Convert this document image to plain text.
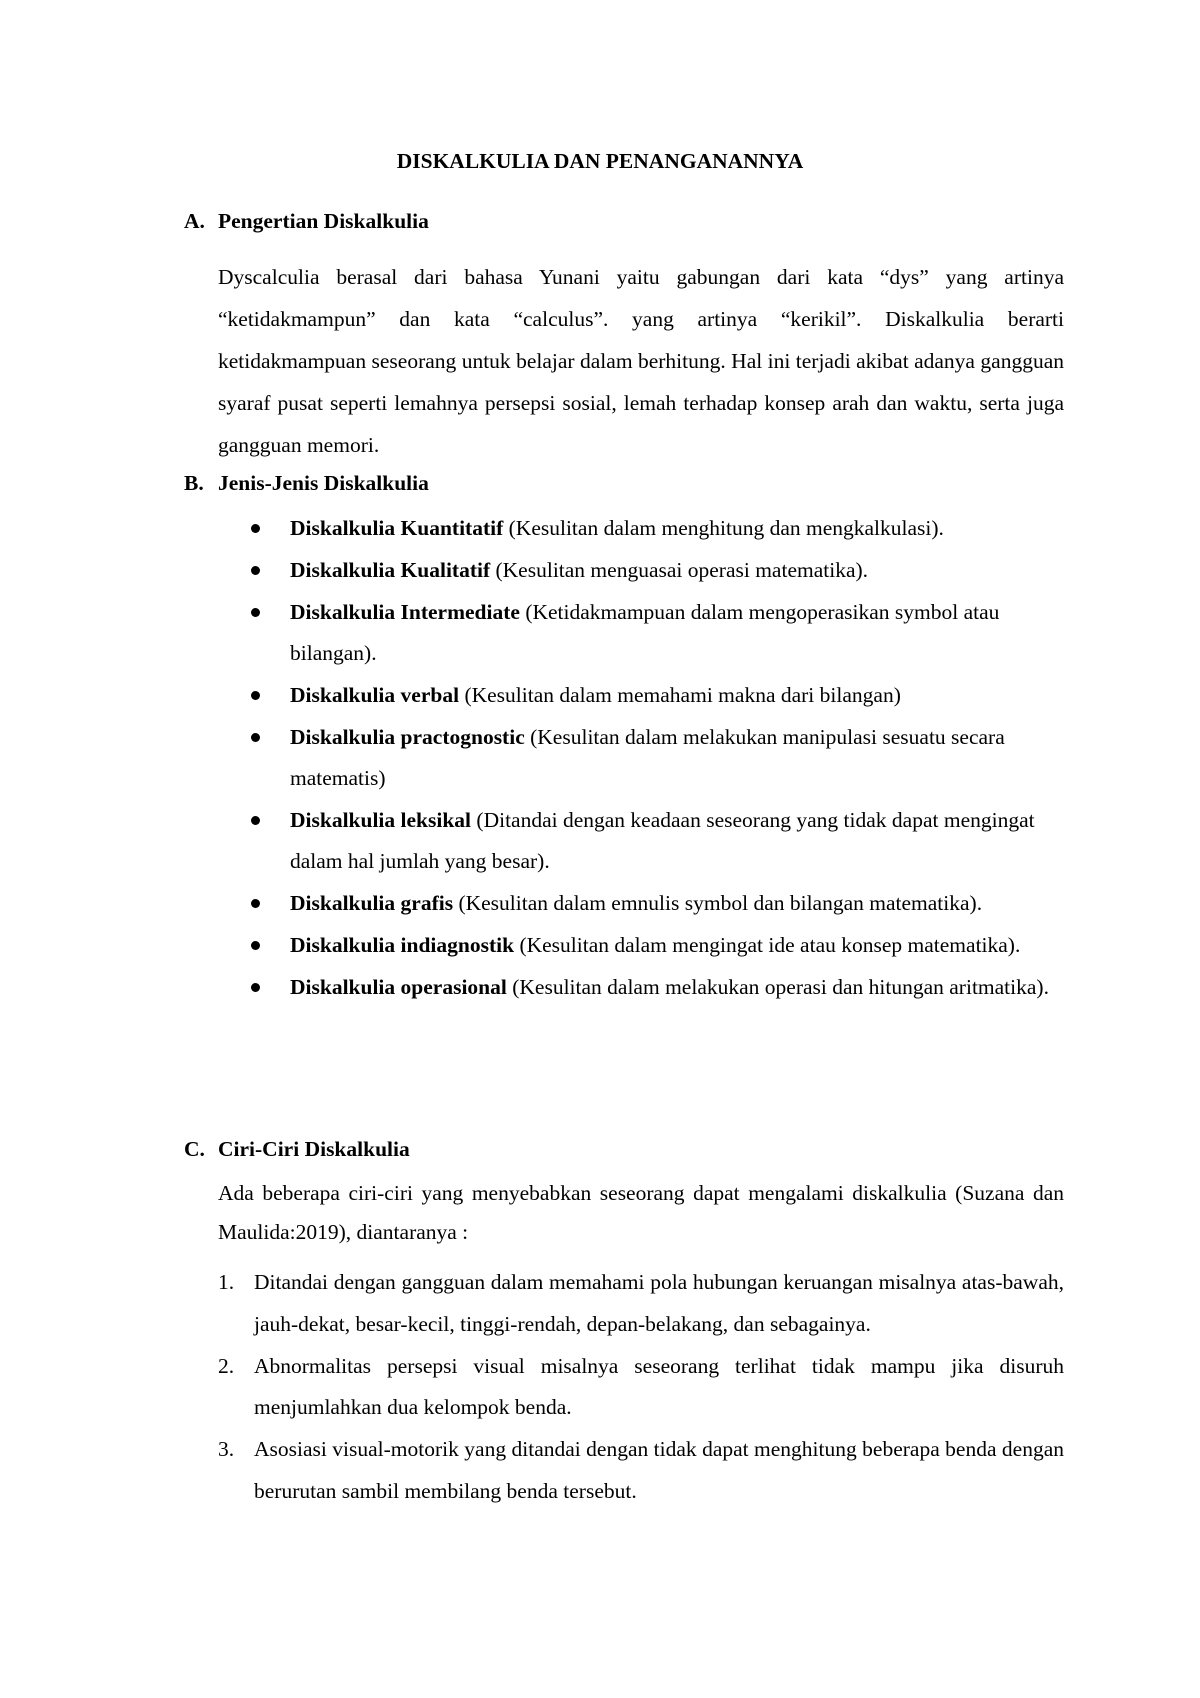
DISKALKULIA DAN PENANGANANNYA
A. Pengertian Diskalkulia
Dyscalculia berasal dari bahasa Yunani yaitu gabungan dari kata “dys” yang artinya “ketidakmampun” dan kata “calculus”. yang artinya “kerikil”. Diskalkulia berarti ketidakmampuan seseorang untuk belajar dalam berhitung. Hal ini terjadi akibat adanya gangguan syaraf pusat seperti lemahnya persepsi sosial, lemah terhadap konsep arah dan waktu, serta juga gangguan memori.
B. Jenis-Jenis Diskalkulia
Diskalkulia Kuantitatif (Kesulitan dalam menghitung dan mengkalkulasi).
Diskalkulia Kualitatif (Kesulitan menguasai operasi matematika).
Diskalkulia Intermediate (Ketidakmampuan dalam mengoperasikan symbol atau bilangan).
Diskalkulia verbal (Kesulitan dalam memahami makna dari bilangan)
Diskalkulia practognostic (Kesulitan dalam melakukan manipulasi sesuatu secara matematis)
Diskalkulia leksikal (Ditandai dengan keadaan seseorang yang tidak dapat mengingat dalam hal jumlah yang besar).
Diskalkulia grafis (Kesulitan dalam emnulis symbol dan bilangan matematika).
Diskalkulia indiagnostik (Kesulitan dalam mengingat ide atau konsep matematika).
Diskalkulia operasional (Kesulitan dalam melakukan operasi dan hitungan aritmatika).
C. Ciri-Ciri Diskalkulia
Ada beberapa ciri-ciri yang menyebabkan seseorang dapat mengalami diskalkulia (Suzana dan Maulida:2019), diantaranya :
1. Ditandai dengan gangguan dalam memahami pola hubungan keruangan misalnya atas-bawah, jauh-dekat, besar-kecil, tinggi-rendah, depan-belakang, dan sebagainya.
2. Abnormalitas persepsi visual misalnya seseorang terlihat tidak mampu jika disuruh menjumlahkan dua kelompok benda.
3. Asosiasi visual-motorik yang ditandai dengan tidak dapat menghitung beberapa benda dengan berurutan sambil membilang benda tersebut.
